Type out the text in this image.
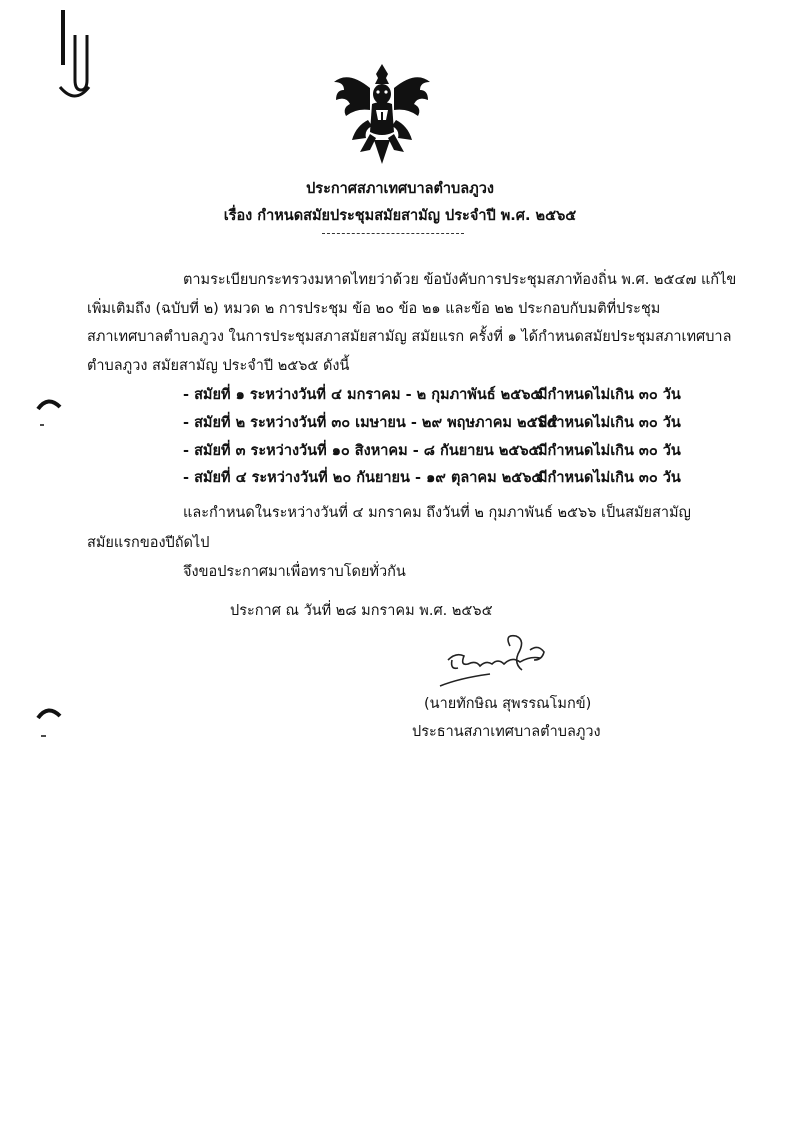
ประกาศสภาเทศบาลตำบลภูวง
เรื่อง กำหนดสมัยประชุมสมัยสามัญ ประจำปี พ.ศ. ๒๕๖๕
ตามระเบียบกระทรวงมหาดไทยว่าด้วย ข้อบังคับการประชุมสภาท้องถิ่น พ.ศ. ๒๕๔๗ แก้ไข
เพิ่มเติมถึง (ฉบับที่ ๒) หมวด ๒ การประชุม ข้อ ๒๐ ข้อ ๒๑ และข้อ ๒๒ ประกอบกับมติที่ประชุม
สภาเทศบาลตำบลภูวง ในการประชุมสภาสมัยสามัญ สมัยแรก ครั้งที่ ๑ ได้กำหนดสมัยประชุมสภาเทศบาล
ตำบลภูวง สมัยสามัญ ประจำปี ๒๕๖๕ ดังนี้
- สมัยที่ ๑ ระหว่างวันที่ ๔ มกราคม - ๒ กุมภาพันธ์ ๒๕๖๕
มีกำหนดไม่เกิน ๓๐ วัน
- สมัยที่ ๒ ระหว่างวันที่ ๓๐ เมษายน - ๒๙ พฤษภาคม ๒๕๖๕
มีกำหนดไม่เกิน ๓๐ วัน
- สมัยที่ ๓ ระหว่างวันที่ ๑๐ สิงหาคม - ๘ กันยายน ๒๕๖๕
มีกำหนดไม่เกิน ๓๐ วัน
- สมัยที่ ๔ ระหว่างวันที่ ๒๐ กันยายน - ๑๙ ตุลาคม ๒๕๖๕
มีกำหนดไม่เกิน ๓๐ วัน
และกำหนดในระหว่างวันที่ ๔ มกราคม ถึงวันที่ ๒ กุมภาพันธ์ ๒๕๖๖ เป็นสมัยสามัญ
สมัยแรกของปีถัดไป
จึงขอประกาศมาเพื่อทราบโดยทั่วกัน
ประกาศ ณ วันที่ ๒๘ มกราคม พ.ศ. ๒๕๖๕
(นายทักษิณ สุพรรณโมกข์)
ประธานสภาเทศบาลตำบลภูวง
